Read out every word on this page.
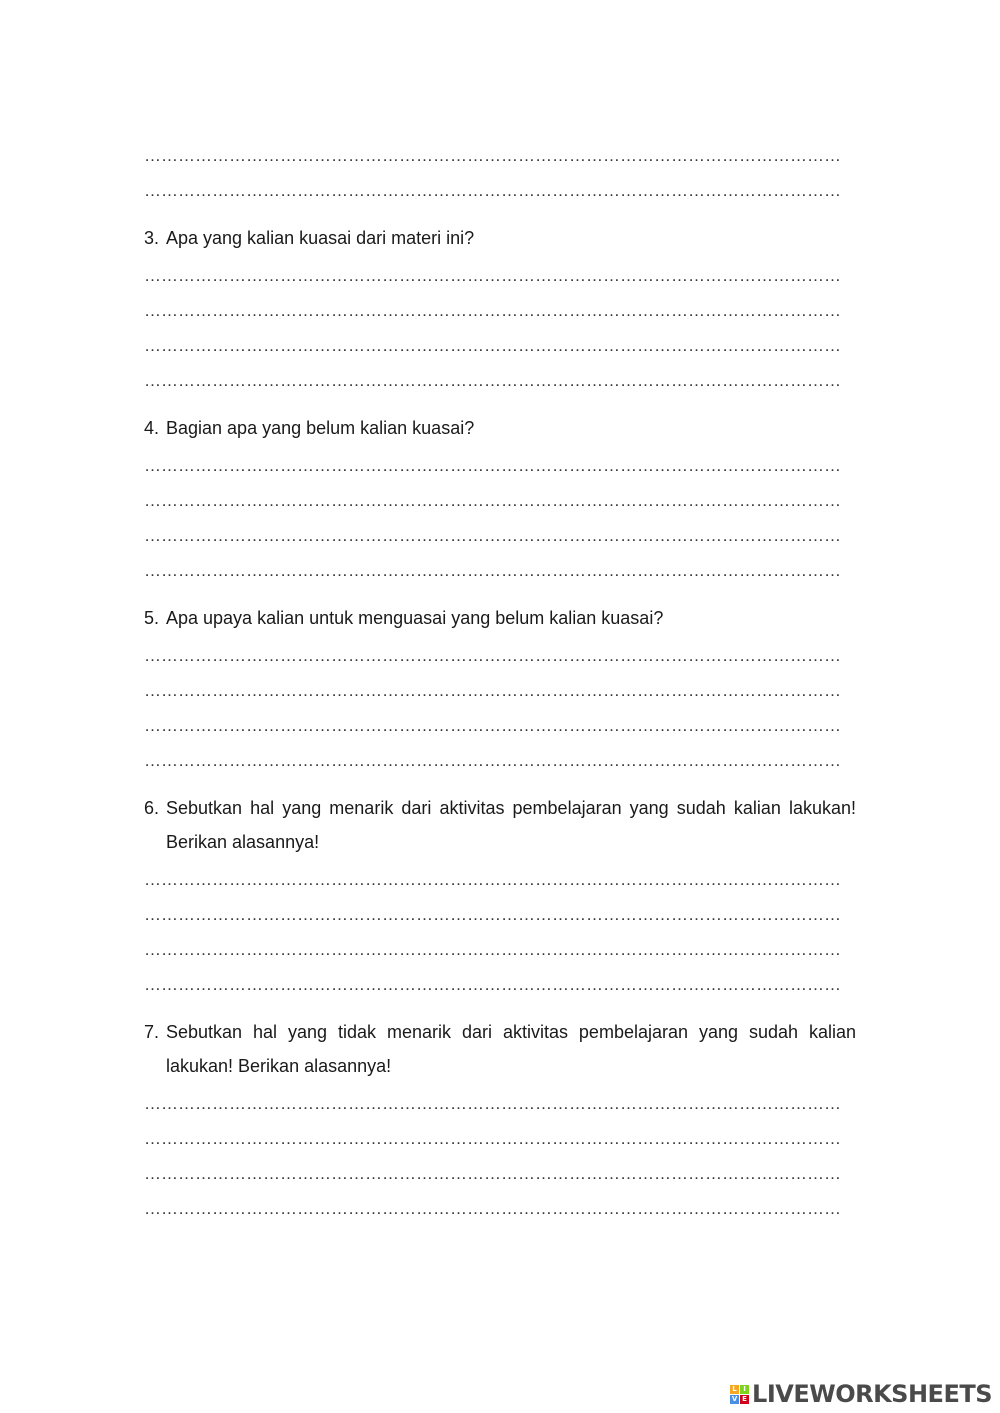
……………………………………………………………………………………………………………
……………………………………………………………………………………………………………
3. Apa yang kalian kuasai dari materi ini?
……………………………………………………………………………………………………………
……………………………………………………………………………………………………………
……………………………………………………………………………………………………………
……………………………………………………………………………………………………………
4. Bagian apa yang belum kalian kuasai?
……………………………………………………………………………………………………………
……………………………………………………………………………………………………………
……………………………………………………………………………………………………………
……………………………………………………………………………………………………………
5. Apa upaya kalian untuk menguasai yang belum kalian kuasai?
……………………………………………………………………………………………………………
……………………………………………………………………………………………………………
……………………………………………………………………………………………………………
……………………………………………………………………………………………………………
6. Sebutkan hal yang menarik dari aktivitas pembelajaran yang sudah kalian lakukan! Berikan alasannya!
……………………………………………………………………………………………………………
……………………………………………………………………………………………………………
……………………………………………………………………………………………………………
……………………………………………………………………………………………………………
7. Sebutkan hal yang tidak menarik dari aktivitas pembelajaran yang sudah kalian lakukan! Berikan alasannya!
……………………………………………………………………………………………………………
……………………………………………………………………………………………………………
……………………………………………………………………………………………………………
……………………………………………………………………………………………………………
L I
V E LIVEWORKSHEETS
